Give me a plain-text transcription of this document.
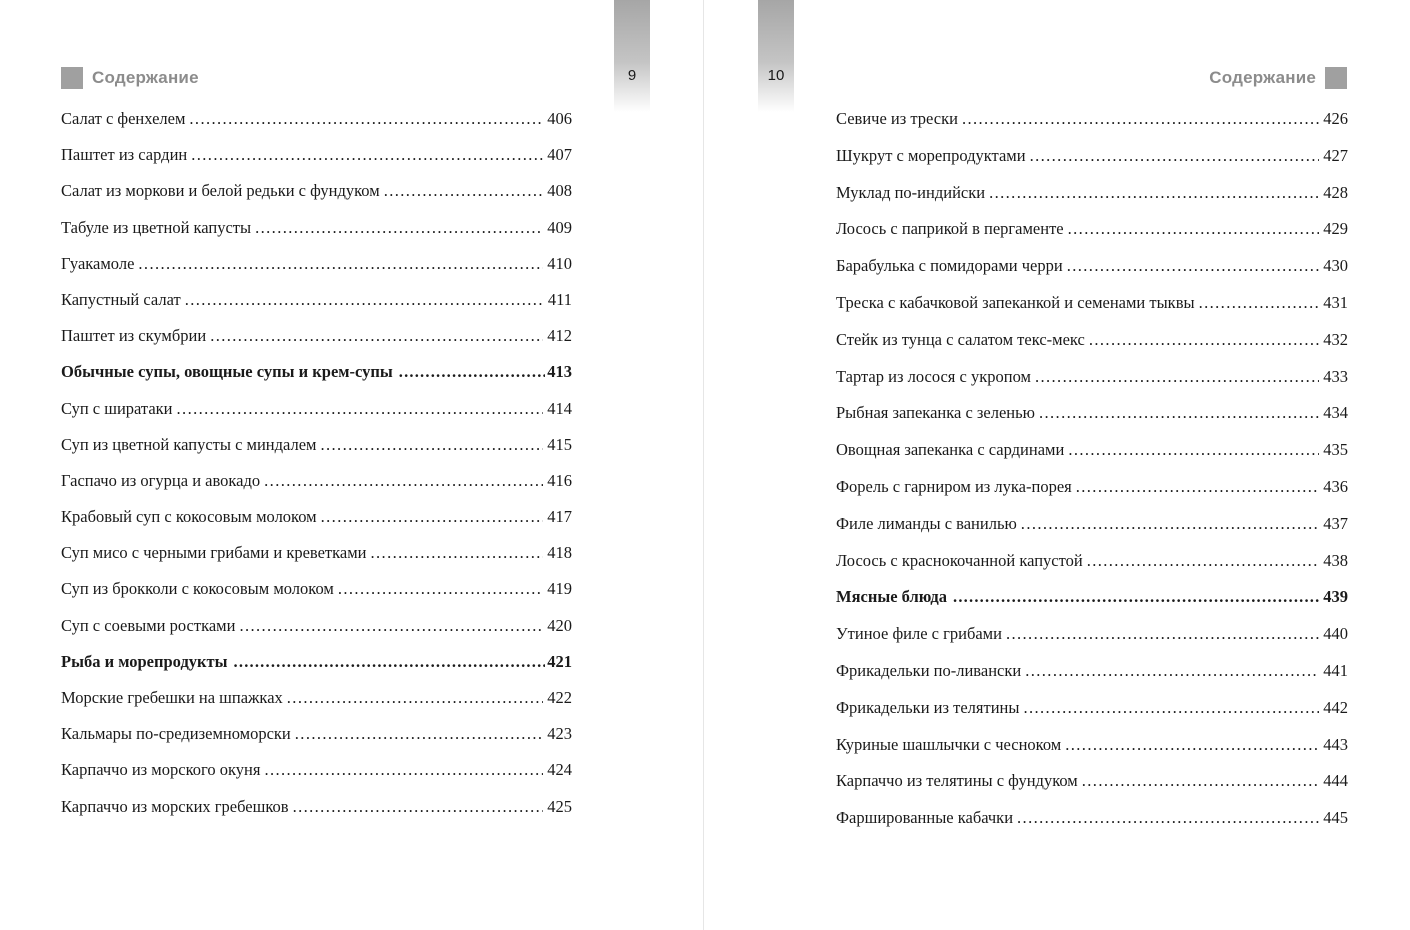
9
Содержание
Салат с фенхелем .....	406
Паштет из сардин .....	407
Салат из моркови и белой редьки с фундуком .....	408
Табуле из цветной капусты .....	409
Гуакамоле .....	410
Капустный салат .....	411
Паштет из скумбрии .....	412
Обычные супы, овощные супы и крем-супы .....	413
Суп с ширатаки .....	414
Суп из цветной капусты с миндалем .....	415
Гаспачо из огурца и авокадо .....	416
Крабовый суп с кокосовым молоком .....	417
Суп мисо с черными грибами и креветками .....	418
Суп из брокколи с кокосовым молоком .....	419
Суп с соевыми ростками .....	420
Рыба и морепродукты .....	421
Морские гребешки на шпажках .....	422
Кальмары по-средиземноморски .....	423
Карпаччо из морского окуня .....	424
Карпаччо из морских гребешков .....	425
10	Содержание
Севиче из трески .....	426
Шукрут с морепродуктами .....	427
Муклад по-индийски .....	428
Лосось с паприкой в пергаменте .....	429
Барабулька с помидорами черри .....	430
Треска с кабачковой запеканкой и семенами тыквы .....	431
Стейк из тунца с салатом текс-мекс .....	432
Тартар из лосося с укропом .....	433
Рыбная запеканка с зеленью .....	434
Овощная запеканка с сардинами .....	435
Форель с гарниром из лука-порея .....	436
Филе лиманды с ванилью .....	437
Лосось с краснокочанной капустой .....	438
Мясные блюда .....	439
Утиное филе с грибами .....	440
Фрикадельки по-ливански .....	441
Фрикадельки из телятины .....	442
Куриные шашлычки с чесноком .....	443
Карпаччо из телятины с фундуком .....	444
Фаршированные кабачки .....	445
